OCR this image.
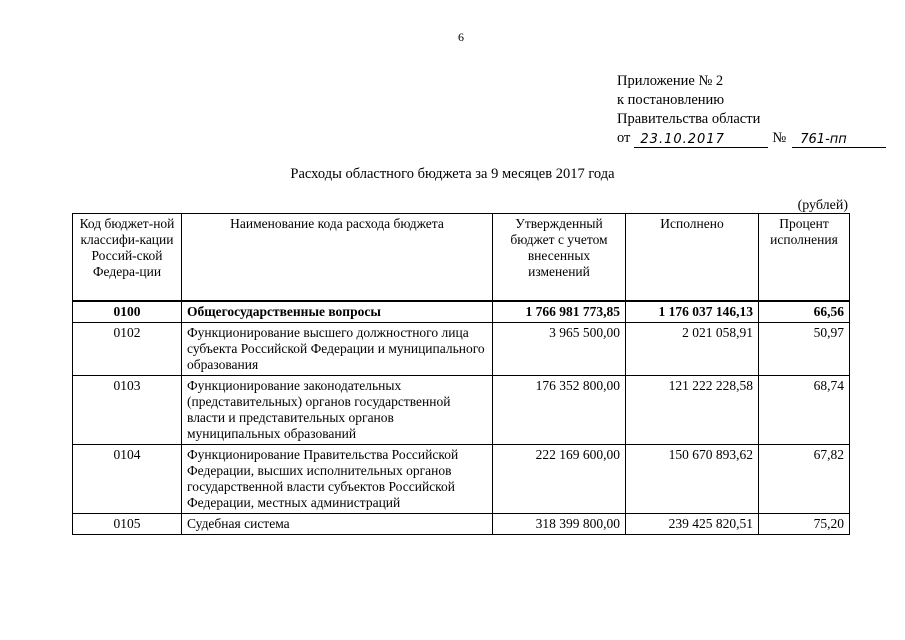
6
Приложение № 2
к постановлению
Правительства области
от 23.10.2017	№	761-пп
Расходы областного бюджета за 9 месяцев 2017 года
(рублей)
Код бюджет-ной классифи-кации Россий-ской Федера-ции	Наименование кода расхода бюджета	Утвержденный бюджет с учетом внесенных изменений	Исполнено	Процент исполнения
0100	Общегосударственные вопросы	1 766 981 773,85	1 176 037 146,13	66,56
0102	Функционирование высшего должностного лица субъекта Российской Федерации и муниципального образования	3 965 500,00	2 021 058,91	50,97
0103	Функционирование законодательных (представительных) органов государственной власти и представительных органов муниципальных образований	176 352 800,00	121 222 228,58	68,74
0104	Функционирование Правительства Российской Федерации, высших исполнительных органов государственной власти субъектов Российской Федерации, местных администраций	222 169 600,00	150 670 893,62	67,82
0105	Судебная система	318 399 800,00	239 425 820,51	75,20
